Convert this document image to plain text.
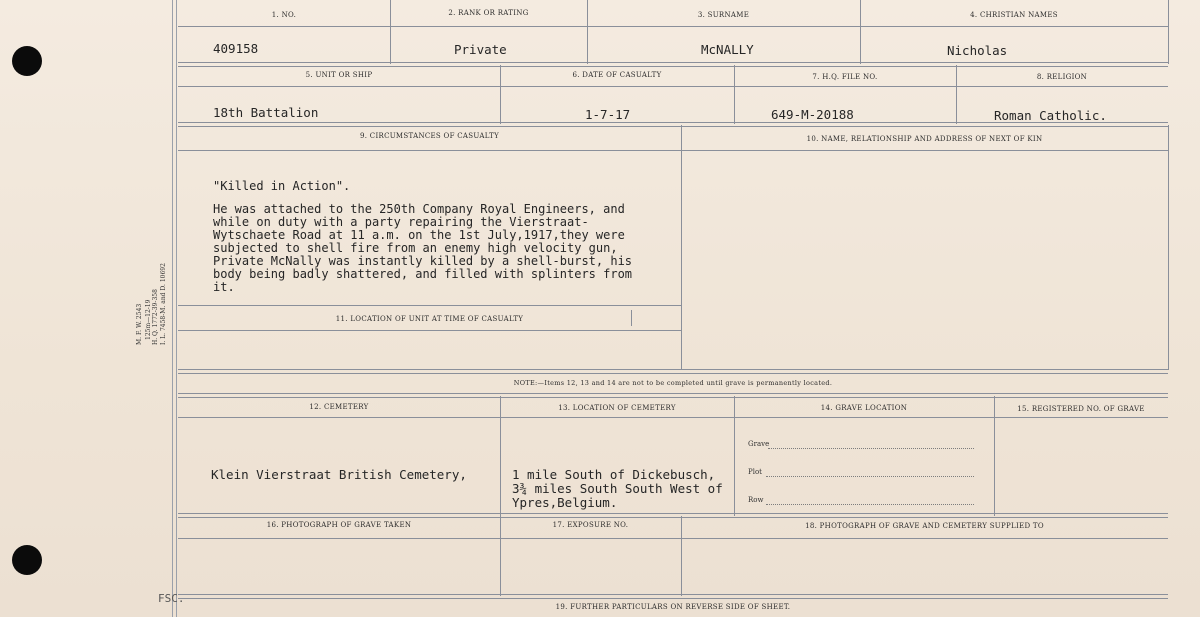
M. F. W. 2543 125m—12-19 H. Q. 1772-39-358 I. L. 7458-M. and D. 10692
1. NO.	2. RANK OR RATING	3. SURNAME	4. CHRISTIAN NAMES
409158	Private	McNALLY	Nicholas
5. UNIT OR SHIP	6. DATE OF CASUALTY	7. H.Q. FILE NO.	8. RELIGION
18th Battalion	1-7-17	649-M-20188	Roman Catholic.
9. CIRCUMSTANCES OF CASUALTY	10. NAME, RELATIONSHIP AND ADDRESS OF NEXT OF KIN
"Killed in Action".
He was attached to the 250th Company Royal Engineers, and
while on duty with a party repairing the Vierstraat-
Wytschaete Road at 11 a.m. on the 1st July,1917,they were
subjected to shell fire from an enemy high velocity gun,
Private McNally was instantly killed by a shell-burst, his
body being badly shattered, and filled with splinters from
it.
11. LOCATION OF UNIT AT TIME OF CASUALTY
NOTE:—Items 12, 13 and 14 are not to be completed until grave is permanently located.
12. CEMETERY	13. LOCATION OF CEMETERY	14. GRAVE LOCATION	15. REGISTERED NO. OF GRAVE
Klein Vierstraat British Cemetery,	1 mile South of Dickebusch,
3¾ miles South South West of
Ypres,Belgium.
Grave
Plot
Row
16. PHOTOGRAPH OF GRAVE TAKEN	17. EXPOSURE NO.	18. PHOTOGRAPH OF GRAVE AND CEMETERY SUPPLIED TO
19. FURTHER PARTICULARS ON REVERSE SIDE OF SHEET.
FSC.
